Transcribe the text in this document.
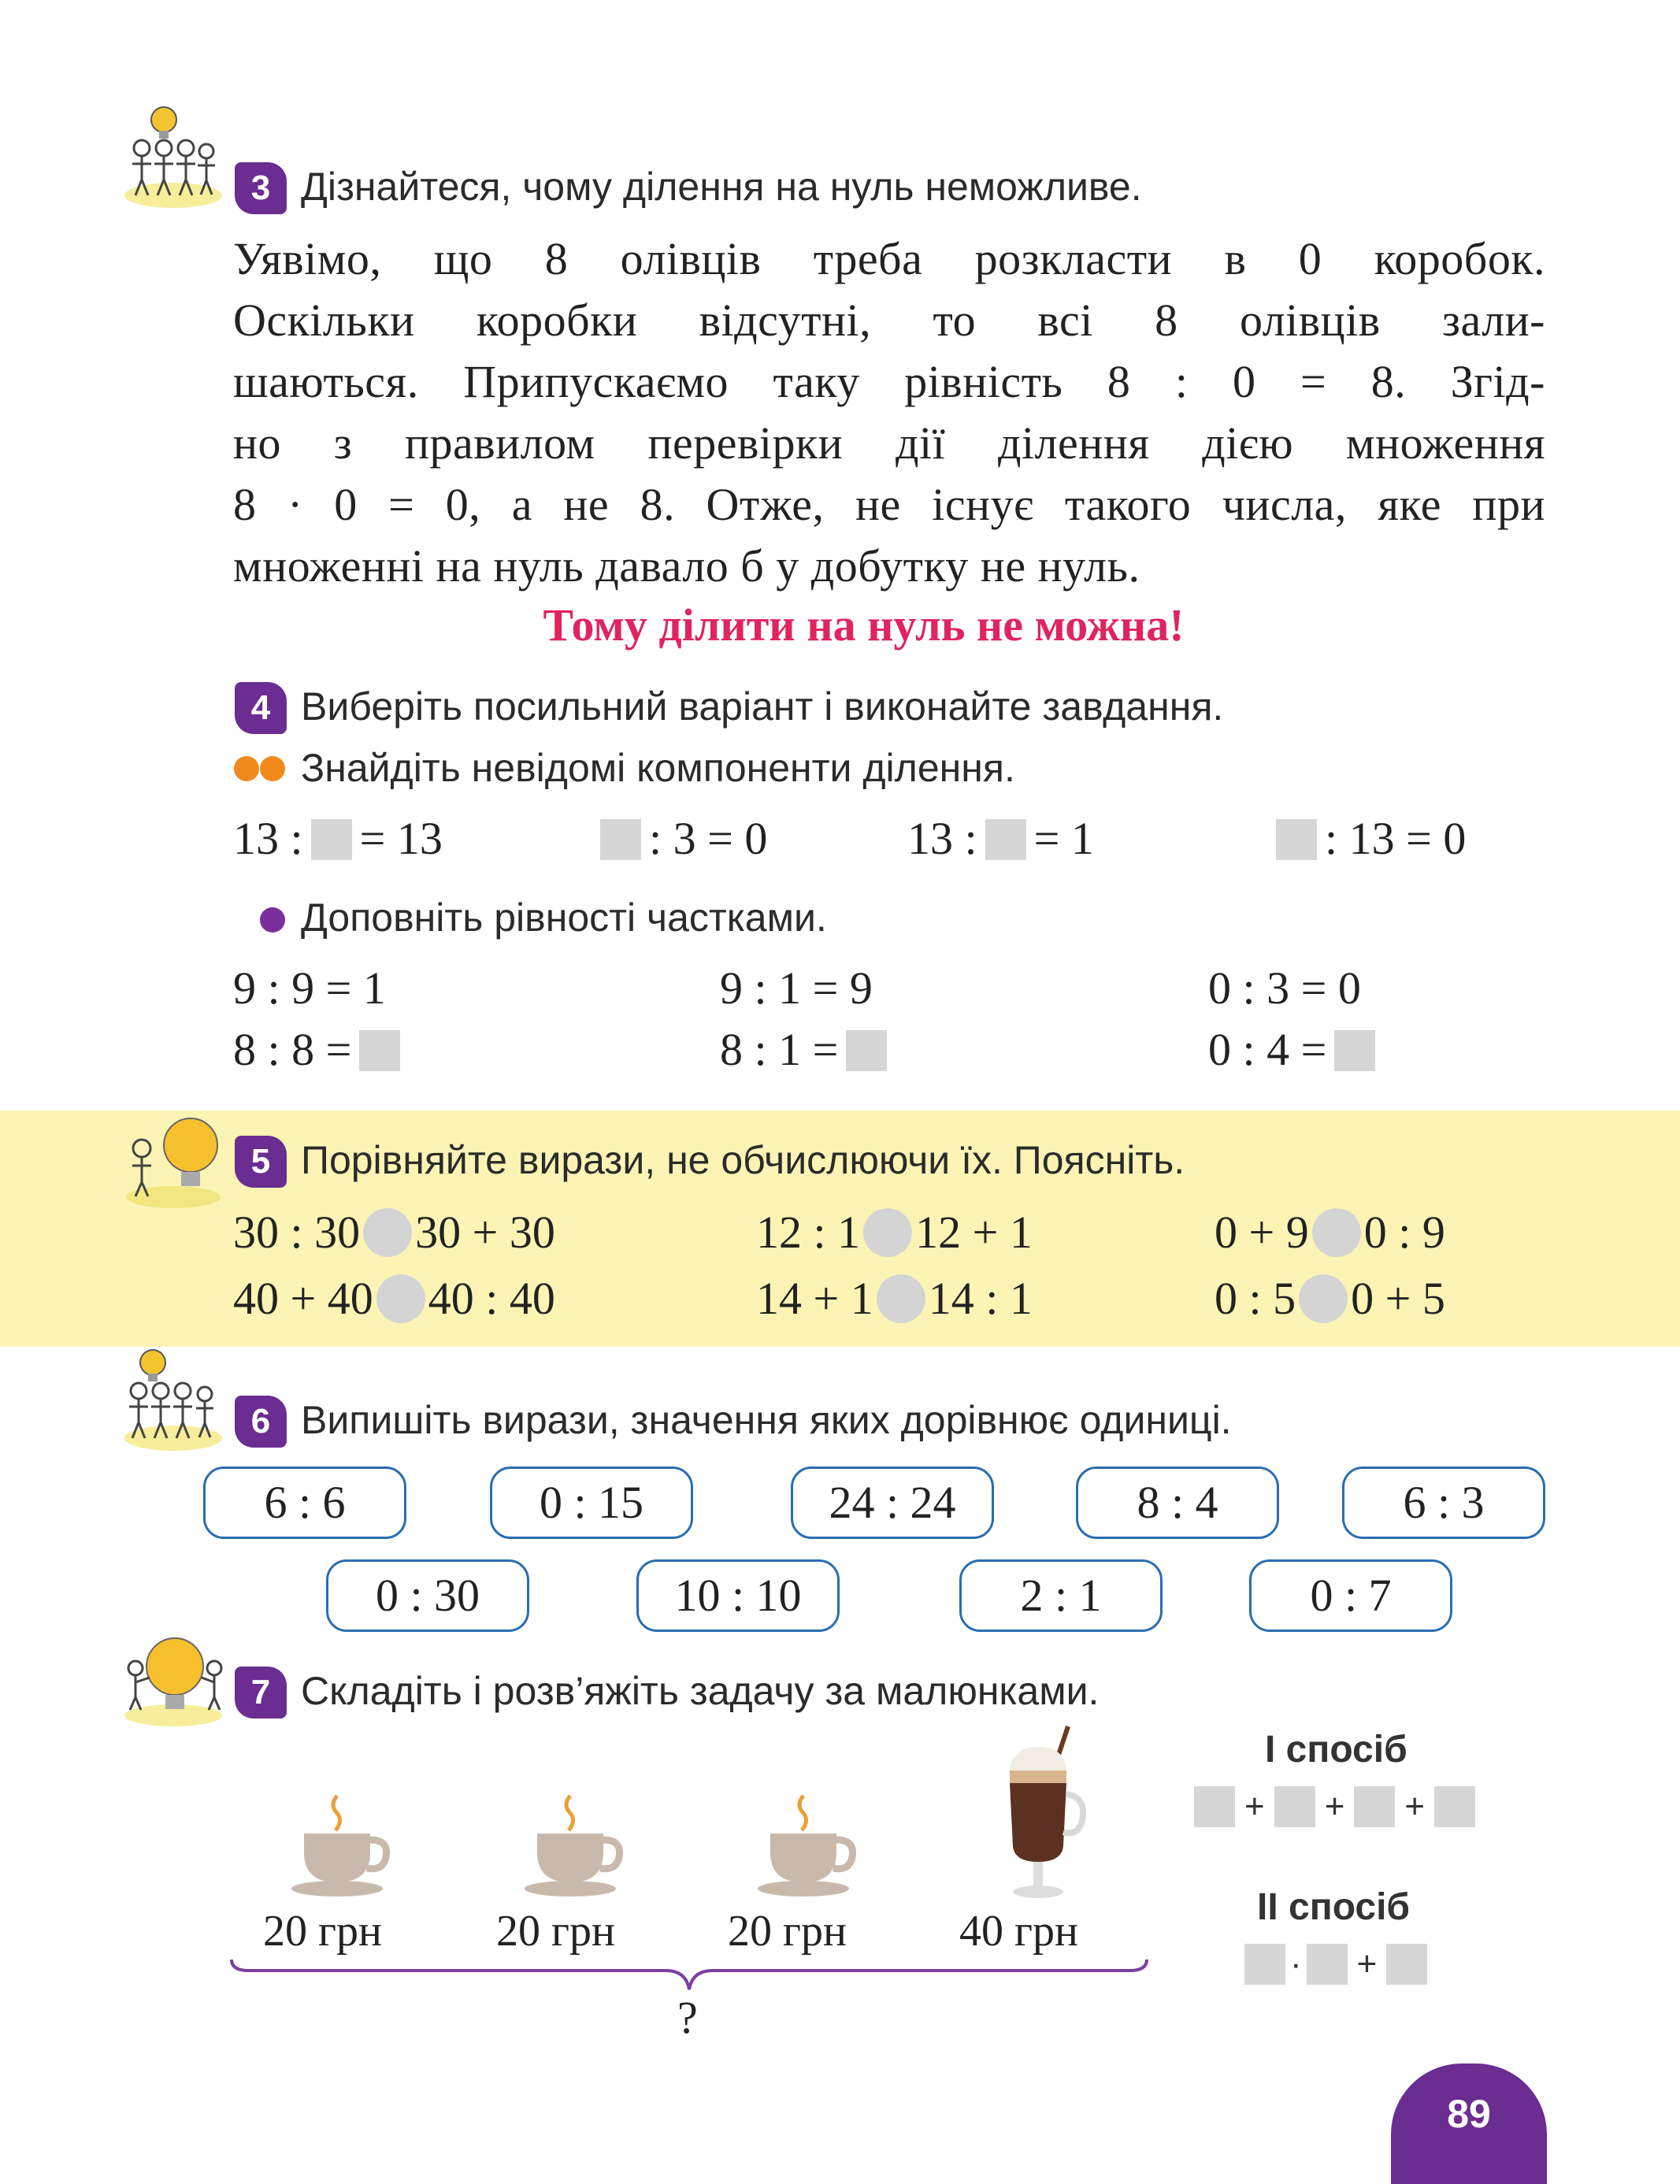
3 Дізнайтеся, чому ділення на нуль неможливе.
Уявімо, що 8 олівців треба розкласти в 0 коробок.
Оскільки коробки відсутні, то всі 8 олівців зали-
шаються. Припускаємо таку рівність 8 : 0 = 8. Згід-
но з правилом перевірки дії ділення дією множення
8 · 0 = 0, а не 8. Отже, не існує такого числа, яке при
множенні на нуль давало б у добутку не нуль.
Тому ділити на нуль не можна!
4 Виберіть посильний варіант і виконайте завдання.
Знайдіть невідомі компоненти ділення.
13 : = 13	: 3 = 0	13 : = 1	: 13 = 0
Доповніть рівності частками.
9 : 9 = 1	9 : 1 = 9	0 : 3 = 0
8 : 8 =	8 : 1 =	0 : 4 =
5 Порівняйте вирази, не обчислюючи їх. Поясніть.
30 : 30 30 + 30	12 : 1 12 + 1	0 + 9 0 : 9
40 + 40 40 : 40	14 + 1 14 : 1	0 : 5 0 + 5
6 Випишіть вирази, значення яких дорівнює одиниці.
6 : 6	0 : 15	24 : 24	8 : 4	6 : 3
0 : 30	10 : 10	2 : 1	0 : 7
7 Складіть і розв’яжіть задачу за малюнками.
20 грн	20 грн	20 грн	40 грн
?
І спосіб
+ + +
ІІ спосіб
· +
89
